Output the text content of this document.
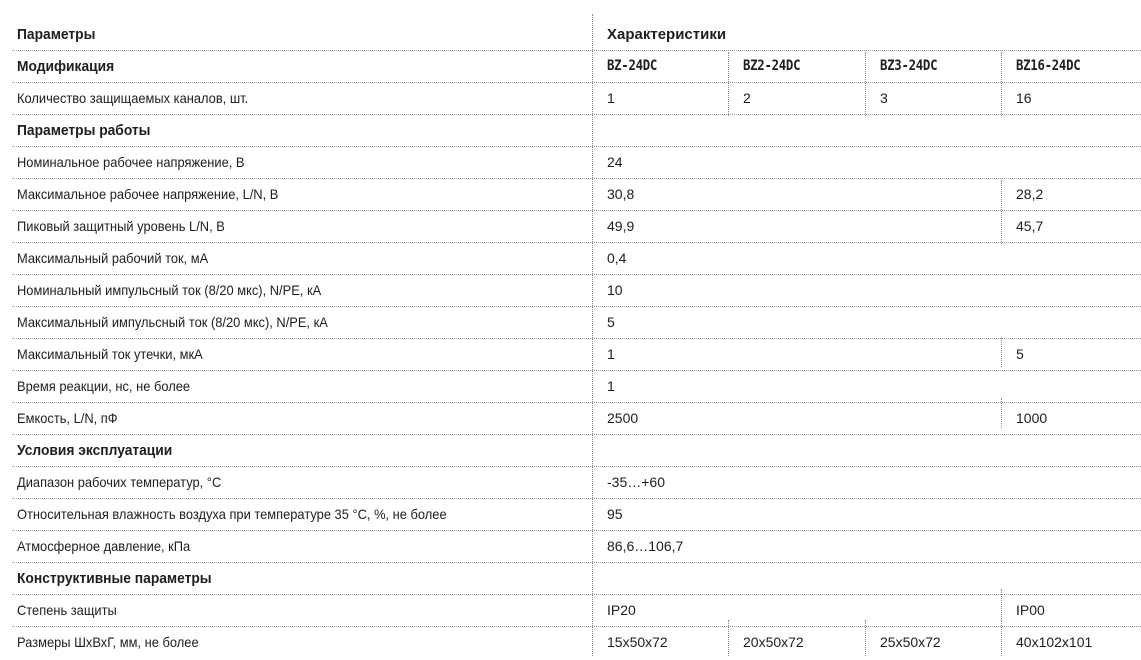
Параметры	Характеристики
Модификация	BZ-24DC	BZ2-24DC	BZ3-24DC	BZ16-24DC
Количество защищаемых каналов, шт.	1	2	3	16
Параметры работы
Номинальное рабочее напряжение, В	24
Максимальное рабочее напряжение, L/N, В	30,8	28,2
Пиковый защитный уровень L/N, В	49,9	45,7
Максимальный рабочий ток, мА	0,4
Номинальный импульсный ток (8/20 мкс), N/PE, кА	10
Максимальный импульсный ток (8/20 мкс), N/PE, кА	5
Максимальный ток утечки, мкА	1	5
Время реакции, нс, не более	1
Емкость, L/N, пФ	2500	1000
Условия эксплуатации
Диапазон рабочих температур, °C	-35…+60
Относительная влажность воздуха при температуре 35 °C, %, не более	95
Атмосферное давление, кПа	86,6…106,7
Конструктивные параметры
Степень защиты	IP20	IP00
Размеры ШхВхГ, мм, не более	15x50x72	20x50x72	25x50x72	40x102x101
